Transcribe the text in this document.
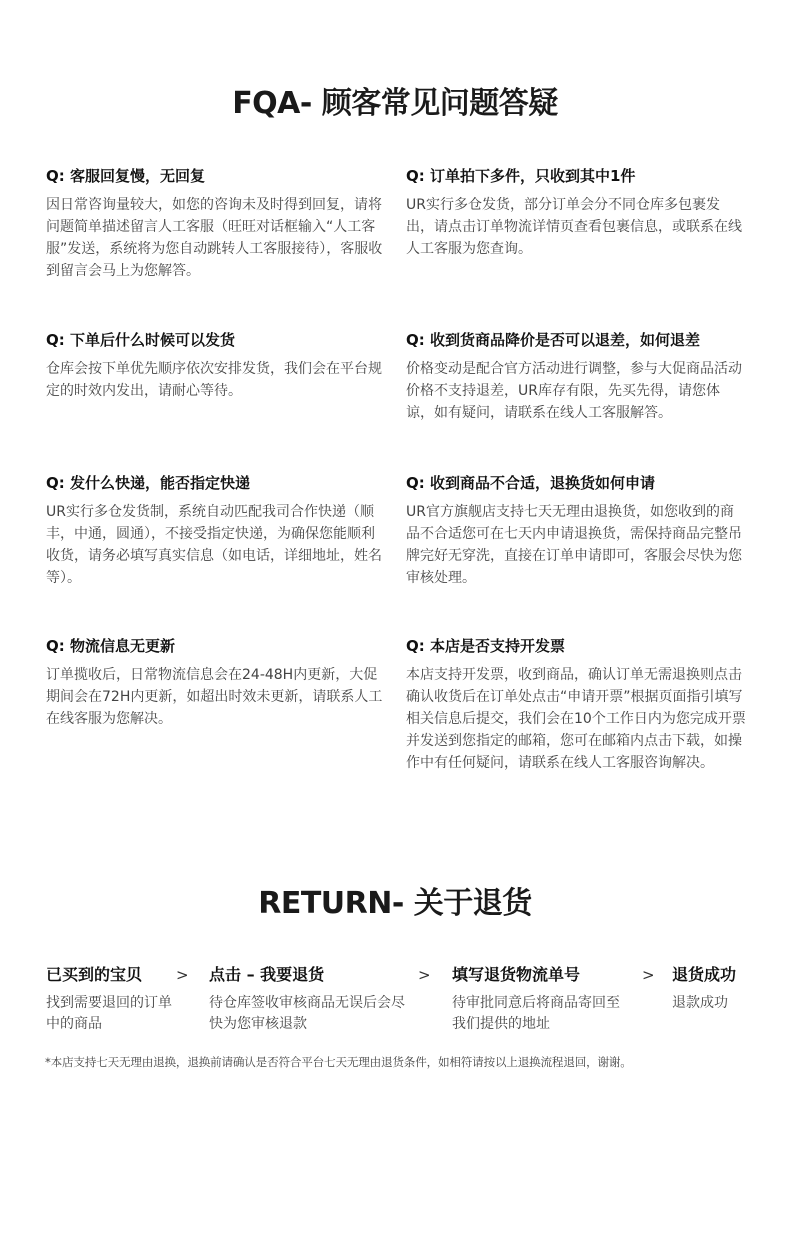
FQA- 顾客常见问题答疑
Q: 客服回复慢，无回复
因日常咨询量较大，如您的咨询未及时得到回复，请将问题简单描述留言人工客服（旺旺对话框输入“人工客服”发送，系统将为您自动跳转人工客服接待），客服收到留言会马上为您解答。
Q: 订单拍下多件，只收到其中1件
UR实行多仓发货，部分订单会分不同仓库多包裹发出，请点击订单物流详情页查看包裹信息，或联系在线人工客服为您查询。
Q: 下单后什么时候可以发货
仓库会按下单优先顺序依次安排发货，我们会在平台规定的时效内发出，请耐心等待。
Q: 收到货商品降价是否可以退差，如何退差
价格变动是配合官方活动进行调整，参与大促商品活动价格不支持退差，UR库存有限，先买先得，请您体谅，如有疑问，请联系在线人工客服解答。
Q: 发什么快递，能否指定快递
UR实行多仓发货制，系统自动匹配我司合作快递（顺丰，中通，圆通），不接受指定快递，为确保您能顺利收货，请务必填写真实信息（如电话，详细地址，姓名等）。
Q: 收到商品不合适，退换货如何申请
UR官方旗舰店支持七天无理由退换货，如您收到的商品不合适您可在七天内申请退换货，需保持商品完整吊牌完好无穿洗，直接在订单申请即可，客服会尽快为您审核处理。
Q: 物流信息无更新
订单揽收后，日常物流信息会在24-48H内更新，大促期间会在72H内更新，如超出时效未更新，请联系人工在线客服为您解决。
Q: 本店是否支持开发票
本店支持开发票，收到商品，确认订单无需退换则点击确认收货后在订单处点击“申请开票”根据页面指引填写相关信息后提交，我们会在10个工作日内为您完成开票并发送到您指定的邮箱，您可在邮箱内点击下载，如操作中有任何疑问，请联系在线人工客服咨询解决。
RETURN- 关于退货
已买到的宝贝
找到需要退回的订单中的商品
> 点击 – 我要退货
待仓库签收审核商品无误后会尽快为您审核退款
> 填写退货物流单号
待审批同意后将商品寄回至我们提供的地址
> 退货成功
退款成功
*本店支持七天无理由退换，退换前请确认是否符合平台七天无理由退货条件，如相符请按以上退换流程退回，谢谢。
